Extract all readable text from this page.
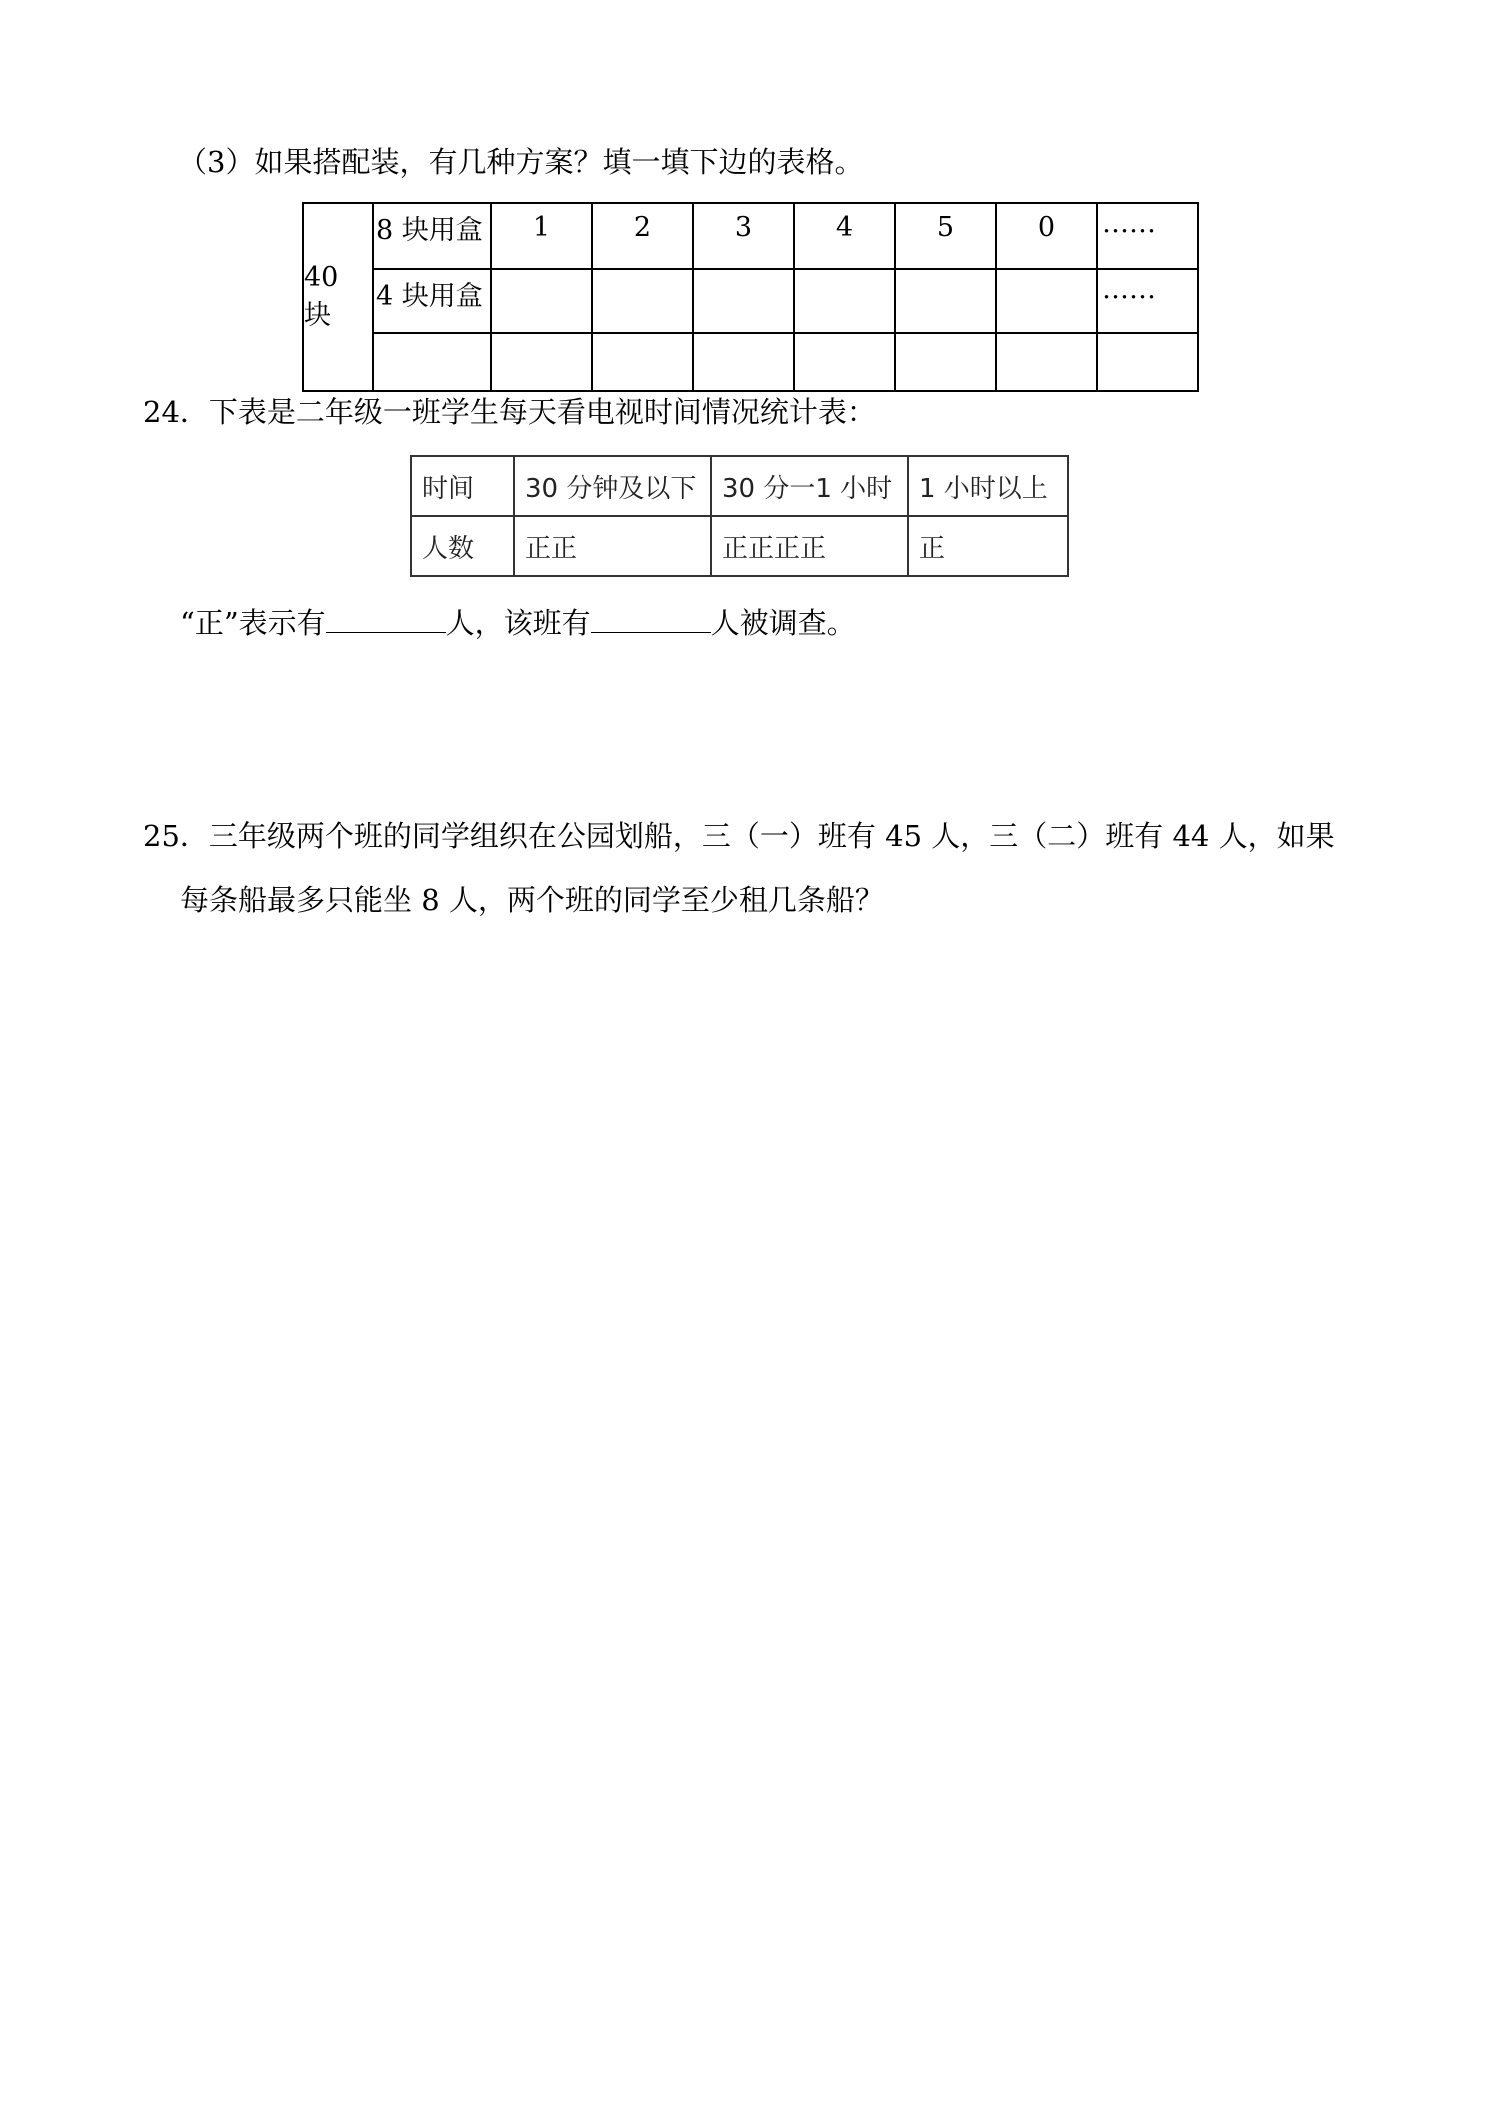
（3）如果搭配装，有几种方案？填一填下边的表格。
40 块	8 块用盒	1	2	3	4	5	0	……
	4 块用盒							……

24．下表是二年级一班学生每天看电视时间情况统计表：
时间	30 分钟及以下	30 分一1 小时	1 小时以上
人数	正正	正正正正	正
“正”表示有	人，该班有	人被调查。
25．三年级两个班的同学组织在公园划船，三（一）班有 45 人，三（二）班有 44 人，如果
每条船最多只能坐 8 人，两个班的同学至少租几条船？
